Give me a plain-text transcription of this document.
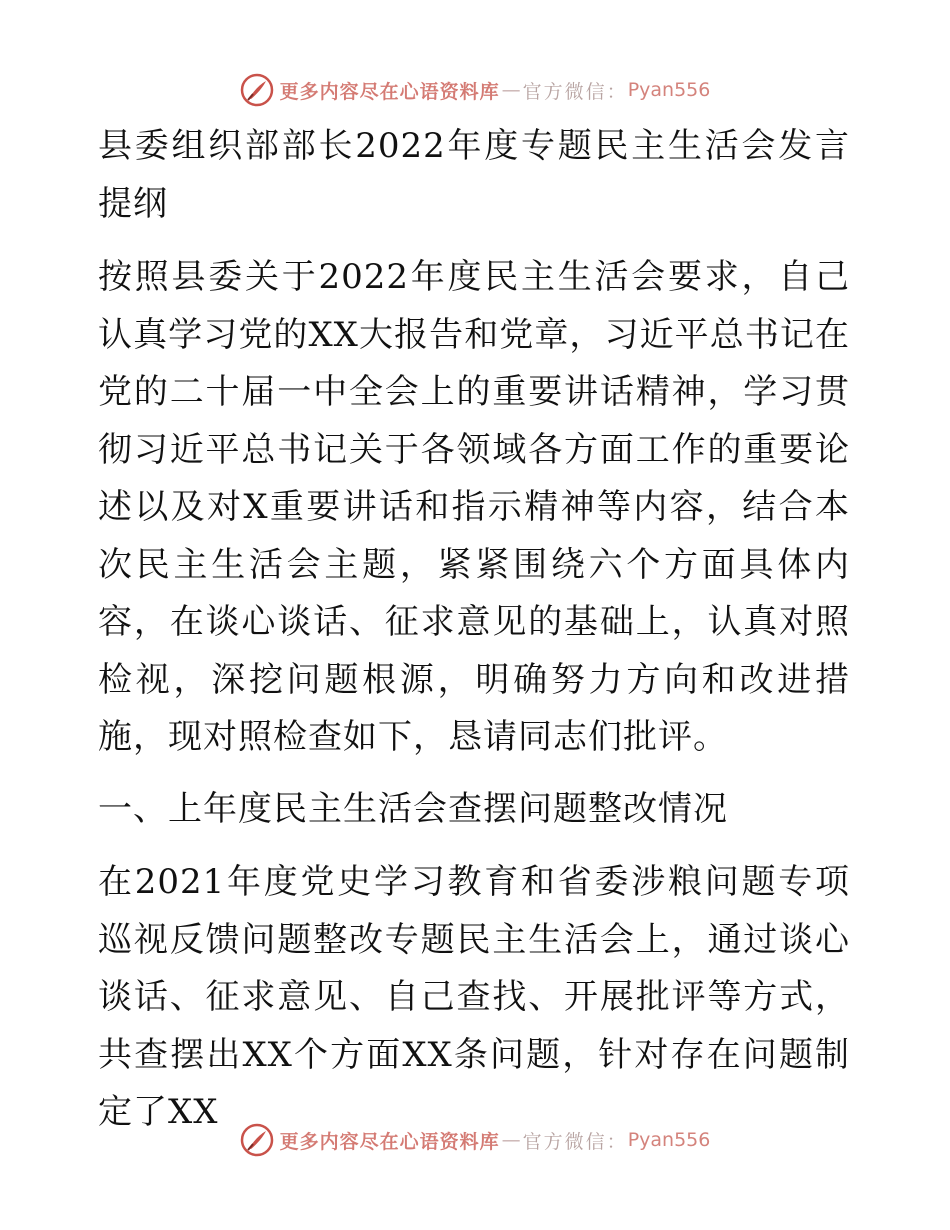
更多内容尽在心语资料库 — 官方微信： Pyan556

县委组织部部长2022年度专题民主生活会发言提纲

按照县委关于2022年度民主生活会要求，自己认真学习党的XX大报告和党章，习近平总书记在党的二十届一中全会上的重要讲话精神，学习贯彻习近平总书记关于各领域各方面工作的重要论述以及对X重要讲话和指示精神等内容，结合本次民主生活会主题，紧紧围绕六个方面具体内容，在谈心谈话、征求意见的基础上，认真对照检视，深挖问题根源，明确努力方向和改进措施，现对照检查如下，恳请同志们批评。

一、上年度民主生活会查摆问题整改情况

在2021年度党史学习教育和省委涉粮问题专项巡视反馈问题整改专题民主生活会上，通过谈心谈话、征求意见、自己查找、开展批评等方式，共查摆出XX个方面XX条问题，针对存在问题制定了XX

更多内容尽在心语资料库 — 官方微信： Pyan556
